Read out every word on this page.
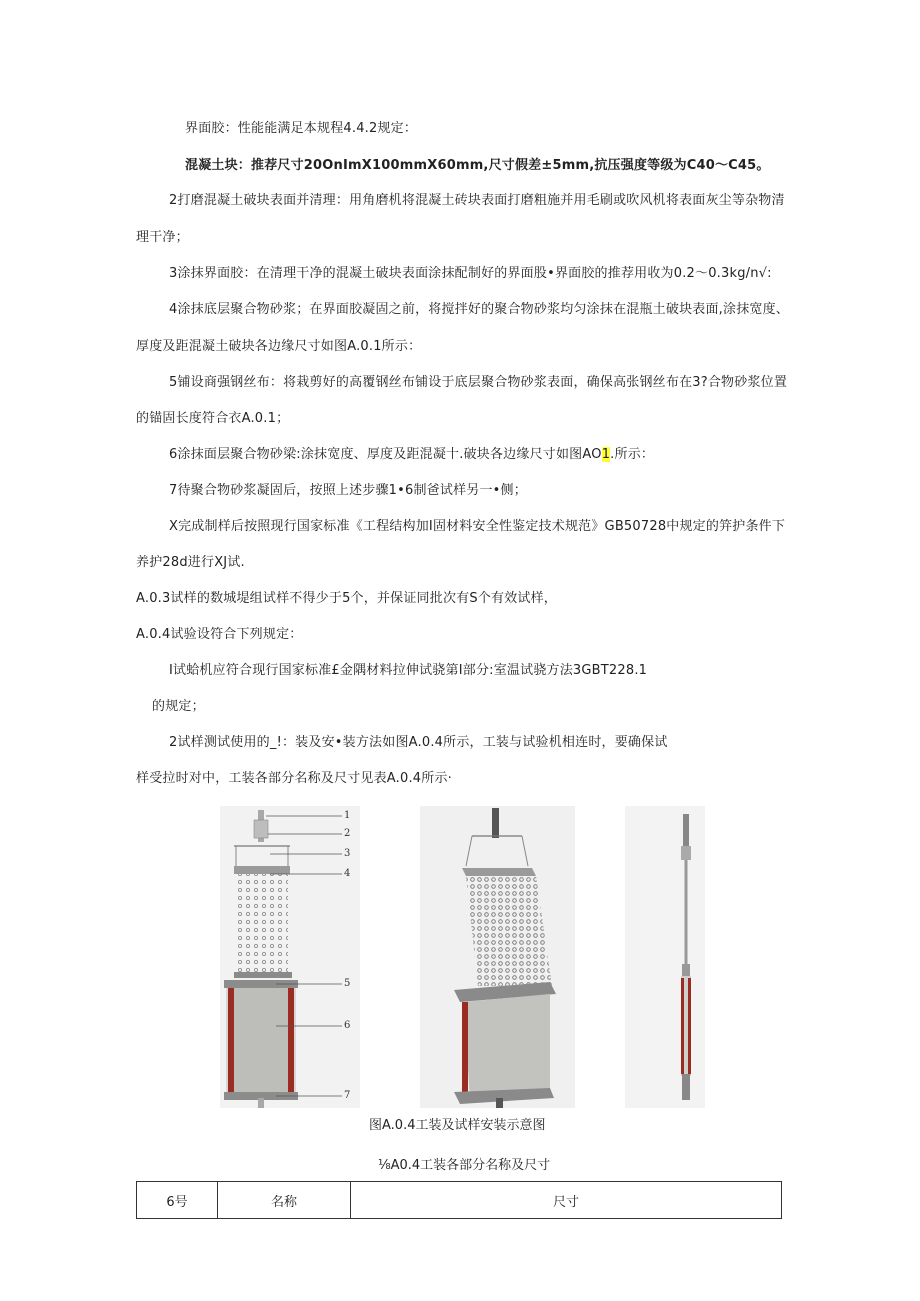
界面胶：性能能满足本规程4.4.2规定：
混凝土块：推荐尺寸20OnImX100mmX60mm,尺寸假差±5mm,抗压强度等级为C40〜C45。
2打磨混凝土破块表面并清理：用角磨机将混凝土砖块表面打磨粗施并用毛刷或吹风机将表面灰尘等杂物清
理干净；
3涂抹界面胶：在清理干净的混凝土破块表面涂抹配制好的界面股•界面胶的推荐用收为0.2〜0.3kg/n√:
4涂抹底层聚合物砂浆；在界面胶凝固之前，将搅拌好的聚合物砂浆均匀涂抹在混瓶土破块表面,涂抹宽度、
厚度及距混凝土破块各边缘尺寸如图A.0.1所示：
5铺设商强钢丝布：将栽剪好的高覆钢丝布铺设于底层聚合物砂浆表面，确保高张钢丝布在3?合物砂浆位置
的锚固长度符合衣A.0.1；
6涂抹面层聚合物砂梁:涂抹宽度、厚度及距混凝十.破块各边缘尺寸如图AO1.所示：
7待聚合物砂浆凝固后，按照上述步骤1•6制爸试样另一•侧；
X完成制样后按照现行国家标准《工程结构加I固材料安全性鉴定技术规范》GB50728中规定的笄护条件下
养护28d进行XJ试.
A.0.3试样的数城堤组试样不得少于5个，并保证同批次有S个有效试样，
A.0.4试验设符合下列规定：
I试蛤机应符合现行国家标准£金隅材料拉伸试骁第I部分:室温试骁方法3GBT228.1
的规定；
2试样测试使用的_!：装及安•装方法如图A.0.4所示，工装与试验机相连时，要确保试
样受拉时对中，工装各部分名称及尺寸见表A.0.4所示·
1
2
3
4
5
6
7
图A.0.4工装及试样安装示意图
⅛A0.4工装各部分名称及尺寸
6号	名称	尺寸
